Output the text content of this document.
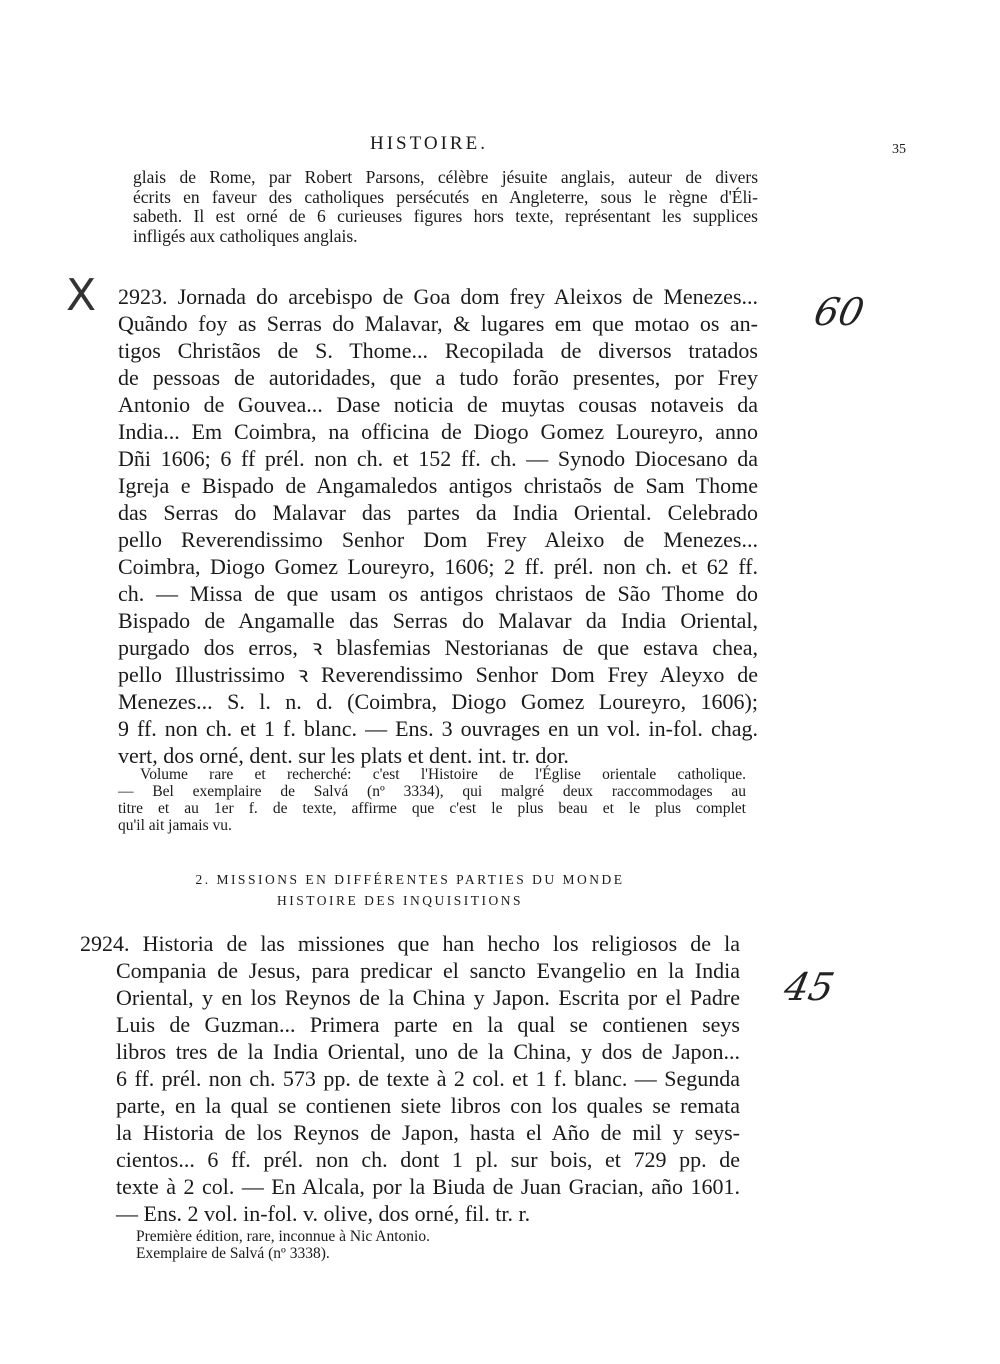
HISTOIRE.	35
glais de Rome, par Robert Parsons, célèbre jésuite anglais, auteur de divers
écrits en faveur des catholiques persécutés en Angleterre, sous le règne d'Éli-
sabeth. Il est orné de 6 curieuses figures hors texte, représentant les supplices
infligés aux catholiques anglais.
X 2923. Jornada do arcebispo de Goa dom frey Aleixos de Menezes...
Quãndo foy as Serras do Malavar, & lugares em que motao os an-
tigos Christãos de S. Thome... Recopilada de diversos tratados
de pessoas de autoridades, que a tudo forão presentes, por Frey
Antonio de Gouvea... Dase noticia de muytas cousas notaveis da
India... Em Coimbra, na officina de Diogo Gomez Loureyro, anno
Dñi 1606; 6 ff prél. non ch. et 152 ff. ch. — Synodo Diocesano da
Igreja e Bispado de Angamaledos antigos christaõs de Sam Thome
das Serras do Malavar das partes da India Oriental. Celebrado
pello Reverendissimo Senhor Dom Frey Aleixo de Menezes...
Coimbra, Diogo Gomez Loureyro, 1606; 2 ff. prél. non ch. et 62 ff.
ch. — Missa de que usam os antigos christaos de São Thome do
Bispado de Angamalle das Serras do Malavar da India Oriental,
purgado dos erros, ꝛ blasfemias Nestorianas de que estava chea,
pello Illustrissimo ꝛ Reverendissimo Senhor Dom Frey Aleyxo de
Menezes... S. l. n. d. (Coimbra, Diogo Gomez Loureyro, 1606);
9 ff. non ch. et 1 f. blanc. — Ens. 3 ouvrages en un vol. in-fol. chag.
vert, dos orné, dent. sur les plats et dent. int. tr. dor.
60
Volume rare et recherché: c'est l'Histoire de l'Église orientale catholique.
— Bel exemplaire de Salvá (nº 3334), qui malgré deux raccommodages au
titre et au 1er f. de texte, affirme que c'est le plus beau et le plus complet
qu'il ait jamais vu.
2. MISSIONS EN DIFFÉRENTES PARTIES DU MONDE
HISTOIRE DES INQUISITIONS
2924. Historia de las missiones que han hecho los religiosos de la
Compania de Jesus, para predicar el sancto Evangelio en la India
Oriental, y en los Reynos de la China y Japon. Escrita por el Padre
Luis de Guzman... Primera parte en la qual se contienen seys
libros tres de la India Oriental, uno de la China, y dos de Japon...
6 ff. prél. non ch. 573 pp. de texte à 2 col. et 1 f. blanc. — Segunda
parte, en la qual se contienen siete libros con los quales se remata
la Historia de los Reynos de Japon, hasta el Año de mil y seys-
cientos... 6 ff. prél. non ch. dont 1 pl. sur bois, et 729 pp. de
texte à 2 col. — En Alcala, por la Biuda de Juan Gracian, año 1601.
— Ens. 2 vol. in-fol. v. olive, dos orné, fil. tr. r.
45
Première édition, rare, inconnue à Nic Antonio.
Exemplaire de Salvá (nº 3338).
